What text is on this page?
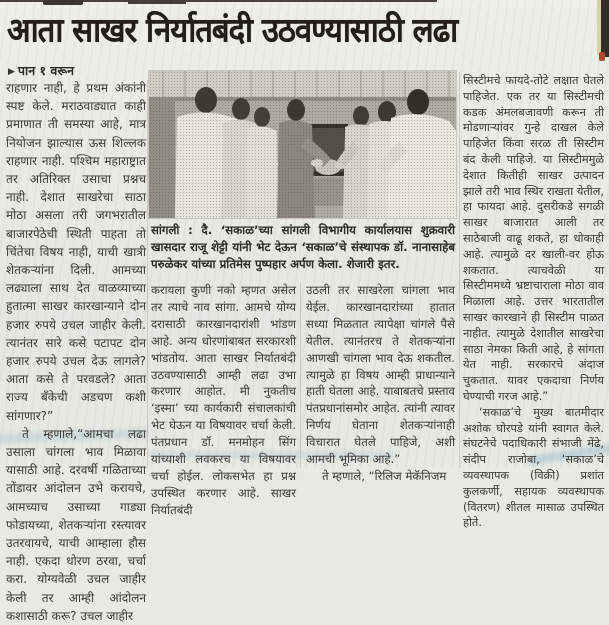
आता साखर निर्यातबंदी उठवण्यासाठी लढा
▶ पान १ वरून

राहणार नाही, हे प्रथम अंकांनी स्पष्ट केले. मराठवाड्यात काही प्रमाणात ती समस्या आहे, मात्र नियोजन झाल्यास ऊस शिल्लक राहणार नाही. पश्चिम महाराष्ट्रात तर अतिरिक्त उसाचा प्रश्नच नाही. देशात साखरेचा साठा मोठा असला तरी जगभरातील बाजारपेठेची स्थिती पाहता तो चिंतेचा विषय नाही, याची खात्री शेतकऱ्यांना दिली. आमच्या लढ्याला साथ देत वाळव्याच्या हुतात्मा साखर कारखान्याने दोन हजार रुपये उचल जाहीर केली. त्यानंतर सारे कसे पटापट दोन हजार रुपये उचल देऊ लागले? आता कसे ते परवडले? आता राज्य बँकेची अडचण कशी सांगणार?”

ते म्हणाले,“आमचा लढा उसाला चांगला भाव मिळावा यासाठी आहे. दरवर्षी गळिताच्या तोंडावर आंदोलन उभे करायचे, आमच्याच उसाच्या गाड्या फोडायच्या, शेतकऱ्यांना रस्त्यावर उतरवायचे, याची आम्हाला हौस नाही. एकदा धोरण ठरवा, चर्चा करा. योग्यवेळी उचल जाहीर केली तर आम्ही आंदोलन कशासाठी करू? उचल जाहीर

सांगली : दै. ‘सकाळ’च्या सांगली विभागीय कार्यालयास शुक्रवारी खासदार राजू शेट्टी यांनी भेट देऊन ‘सकाळ’चे संस्थापक डॉ. नानासाहेब परुळेकर यांच्या प्रतिमेस पुष्पहार अर्पण केला. शेजारी इतर.

करायला कुणी नको म्हणत असेल तर त्याचे नाव सांगा. आमचे योग्य दरासाठी कारखानदारांशी भांडण आहे. अन्य धोरणांबाबत सरकारशी भांडतोय. आता साखर निर्यातबंदी उठवण्यासाठी आम्ही लढा उभा करणार आहोत. मी नुकतीच ‘इस्मा’ च्या कार्यकारी संचालकांची भेट घेऊन या विषयावर चर्चा केली. पंतप्रधान डॉ. मनमोहन सिंग यांच्याशी लवकरच या विषयावर चर्चा होईल. लोकसभेत हा प्रश्न उपस्थित करणार आहे. साखर निर्यातबंदी

उठली तर साखरेला चांगला भाव येईल. कारखानदारांच्या हातात सध्या मिळतात त्यापेक्षा चांगले पैसे येतील. त्यानंतरच ते शेतकऱ्यांना आणखी चांगला भाव देऊ शकतील. त्यामुळे हा विषय आम्ही प्राधान्याने हाती घेतला आहे. याबाबतचे प्रस्ताव पंतप्रधानांसमोर आहेत. त्यांनी त्यावर निर्णय घेताना शेतकऱ्यांनाही विचारात घेतले पाहिजे, अशी आमची भूमिका आहे.”

ते म्हणाले, “रिलिज मेकॅनिजम

सिस्टीमचे फायदे-तोटे लक्षात घेतले पाहिजेत. एक तर या सिस्टीमची कडक अंमलबजावणी करून ती मोडणाऱ्यांवर गुन्हे दाखल केले पाहिजेत किंवा सरळ ती सिस्टीम बंद केली पाहिजे. या सिस्टीममुळे देशात कितीही साखर उत्पादन झाले तरी भाव स्थिर राखता येतील, हा फायदा आहे. दुसरीकडे सगळी साखर बाजारात आली तर साठेबाजी वाढू शकते, हा धोकाही आहे. त्यामुळे दर खाली-वर होऊ शकतात. त्याचवेळी या सिस्टीममध्ये भ्रष्टाचाराला मोठा वाव मिळाला आहे. उत्तर भारतातील साखर कारखाने ही सिस्टीम पाळत नाहीत. त्यामुळे देशातील साखरेचा साठा नेमका किती आहे, हे सांगता येत नाही. सरकारचे अंदाज चुकतात. यावर एकदाचा निर्णय घेण्याची गरज आहे.”

‘सकाळ’चे मुख्य बातमीदार अशोक घोरपडे यांनी स्वागत केले. संघटनेचे पदाधिकारी संभाजी मेंढे, संदीप राजोबा, ‘सकाळ’चे व्यवस्थापक (विक्री) प्रशांत कुलकर्णी, सहायक व्यवस्थापक (वितरण) शीतल मासाळ उपस्थित होते.
